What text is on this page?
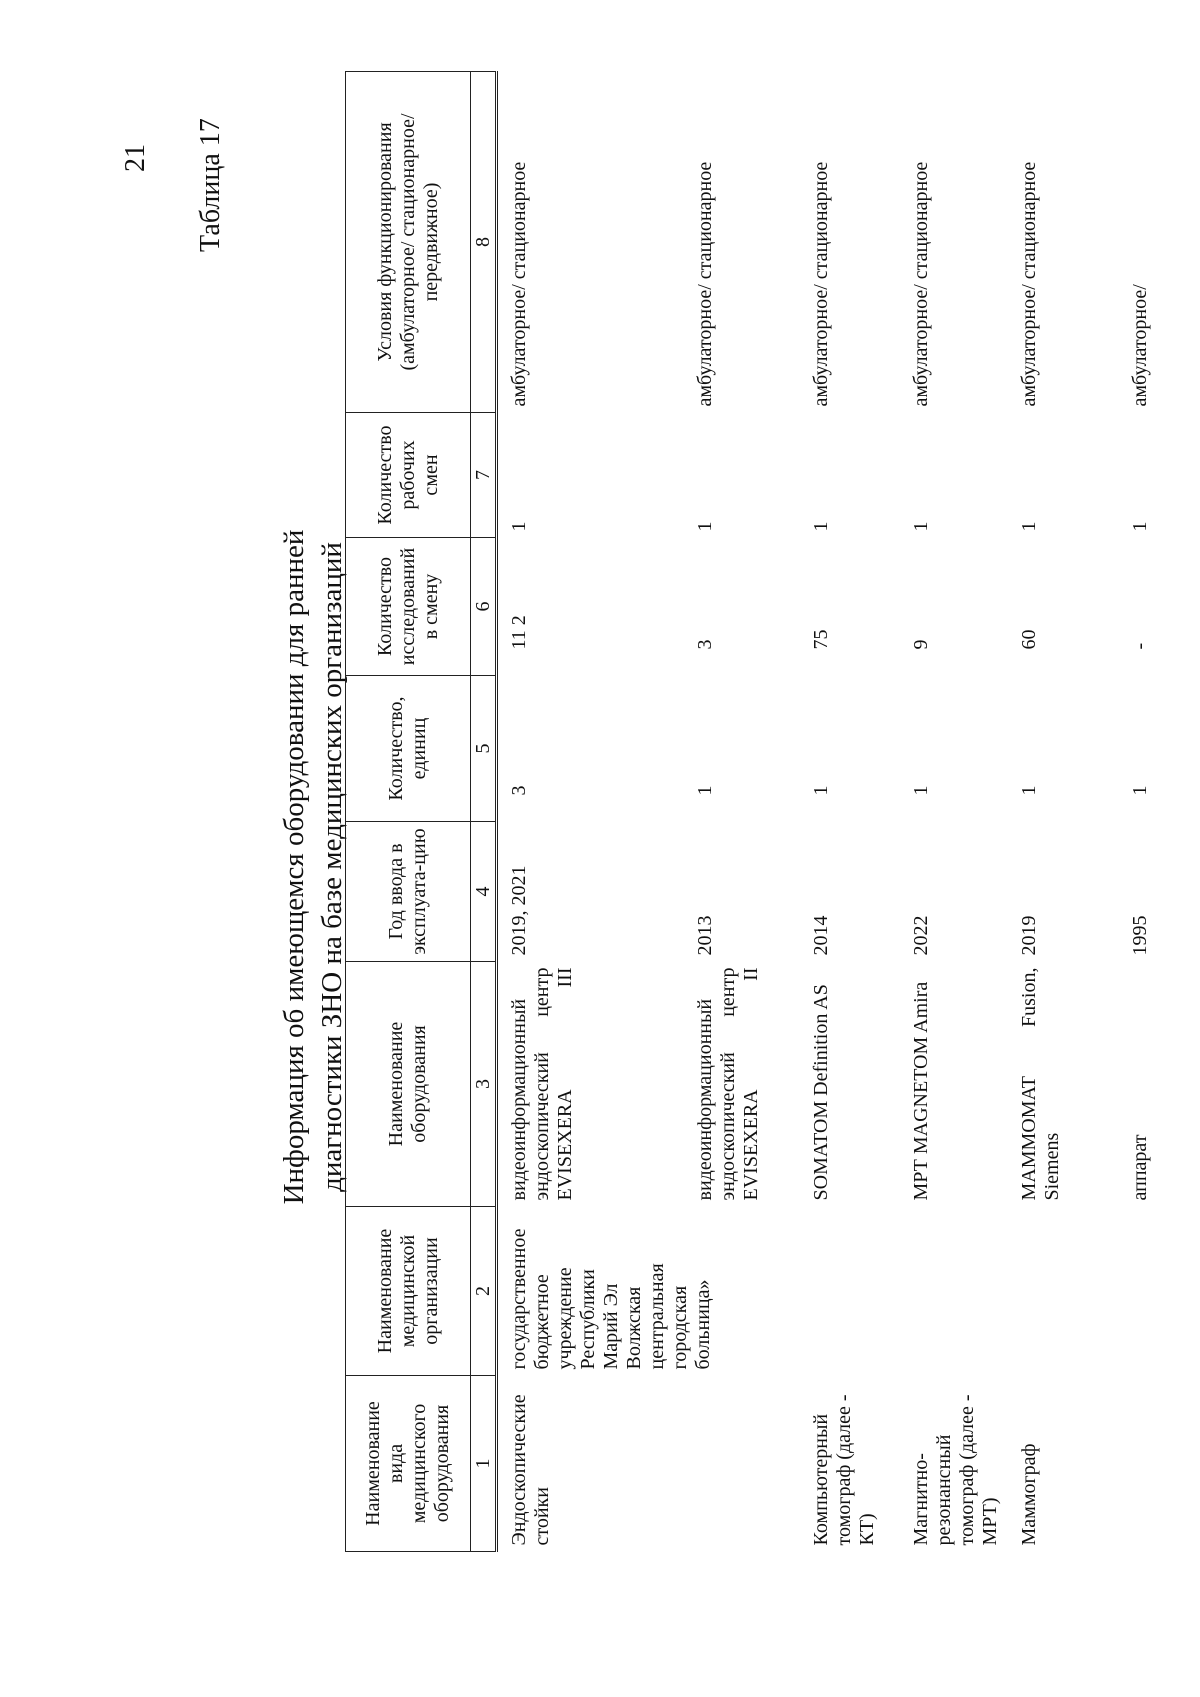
21 Таблица 17
Информация об имеющемся оборудовании для ранней диагностики ЗНО на базе медицинских организаций
Наименование вида медицинского оборудования	Наименование медицинской организации	Наименование оборудования	Год ввода в эксплуата-цию	Количество, единиц	Количество исследований в смену	Количество рабочих смен	Условия функционирования (амбулаторное/ стационарное/ передвижное)
1	2	3	4	5	6	7	8
Эндоскопические стойки	государственное бюджетное учреждение Республики Марий Эл Волжская центральная городская больница»	видеоинформационный эндоскопический центр EVISEXERA III	2019, 2021	3	11 2	1	амбулаторное/ стационарное

		видеоинформационный эндоскопический центр EVISEXERA II	2013	1	3	1	амбулаторное/ стационарное
Компьютерный томограф (далее - КТ)		SOMATOM Definition AS	2014	1	75	1	амбулаторное/ стационарное
Магнитно-резонансный томограф (далее - МРТ)		МРТ MAGNETOM Amira	2022	1	9	1	амбулаторное/ стационарное
Маммограф		MAMMOMAT Fusion, Siemens	2019	1	60	1	амбулаторное/ стационарное
		аппарат	1995	1	-	1	амбулаторное/
